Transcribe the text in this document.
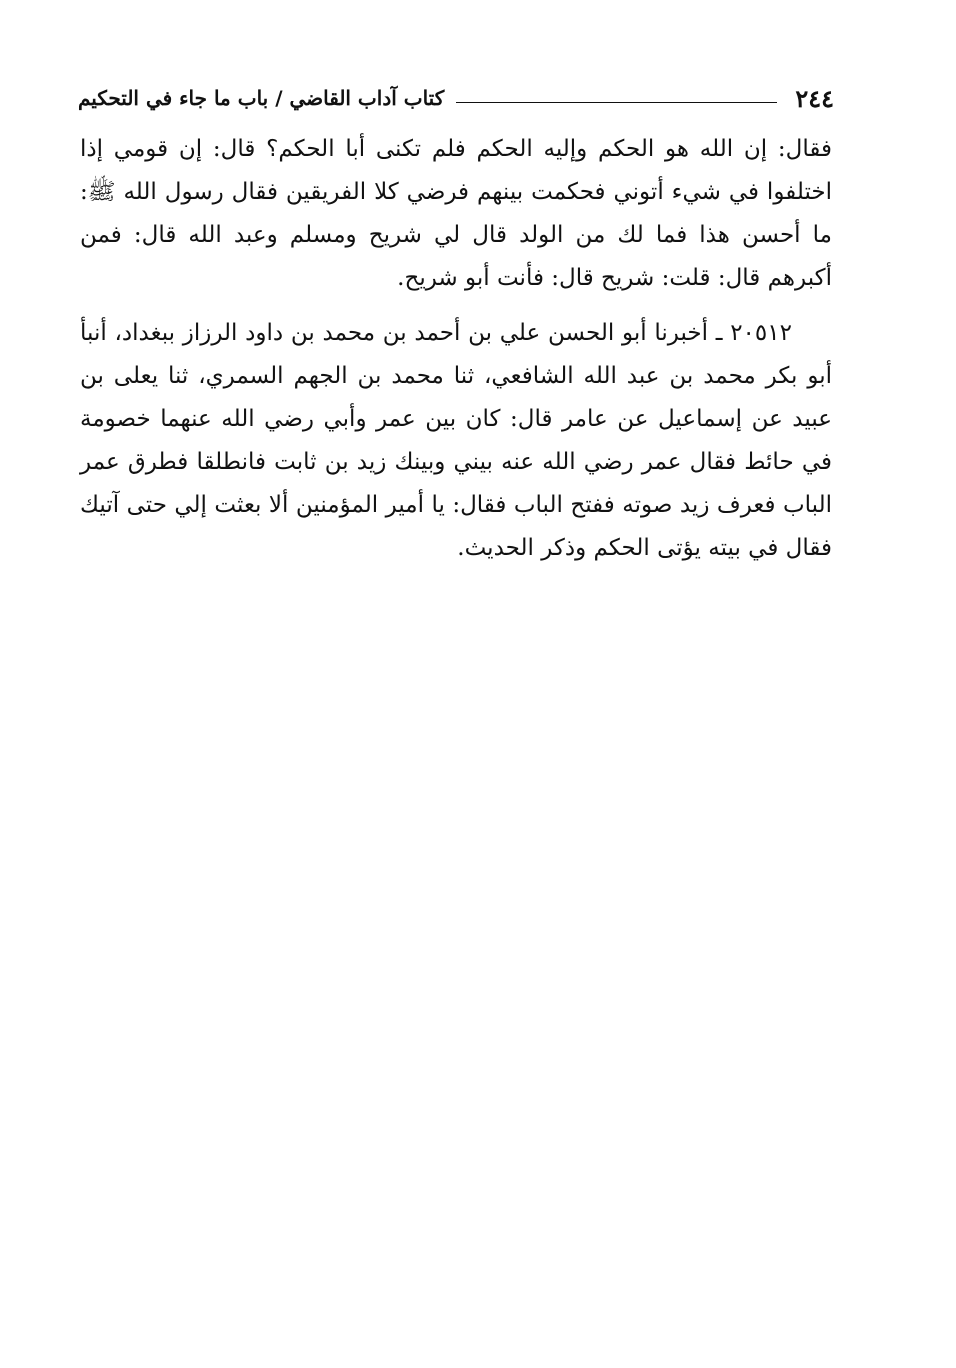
٢٤٤
كتاب آداب القاضي / باب ما جاء في التحكيم

فقال: إن الله هو الحكم وإليه الحكم فلم تكنى أبا الحكم؟ قال: إن قومي إذا اختلفوا في شيء أتوني فحكمت بينهم فرضي كلا الفريقين فقال رسول الله ﷺ: ما أحسن هذا فما لك من الولد قال لي شريح ومسلم وعبد الله قال: فمن أكبرهم قال: قلت: شريح قال: فأنت أبو شريح.

٢٠٥١٢ ـ أخبرنا أبو الحسن علي بن أحمد بن محمد بن داود الرزاز ببغداد، أنبأ أبو بكر محمد بن عبد الله الشافعي، ثنا محمد بن الجهم السمري، ثنا يعلى بن عبيد عن إسماعيل عن عامر قال: كان بين عمر وأبي رضي الله عنهما خصومة في حائط فقال عمر رضي الله عنه بيني وبينك زيد بن ثابت فانطلقا فطرق عمر الباب فعرف زيد صوته ففتح الباب فقال: يا أمير المؤمنين ألا بعثت إلي حتى آتيك فقال في بيته يؤتى الحكم وذكر الحديث.
